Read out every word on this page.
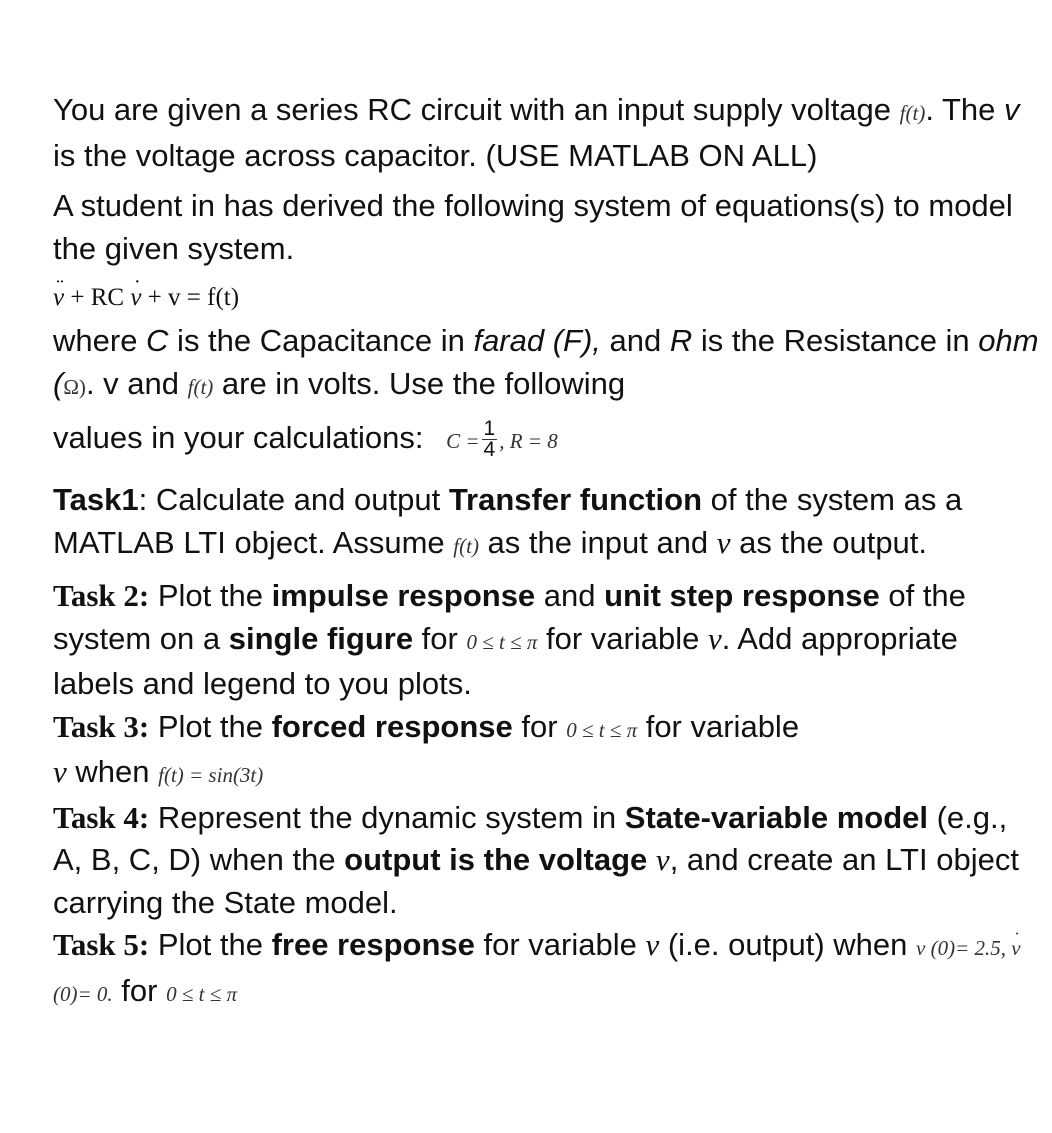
You are given a series RC circuit with an input supply voltage f(t). The v is the voltage across capacitor. (USE MATLAB ON ALL)

A student in has derived the following system of equations(s) to model the given system.

¨ v + RC ˙ v + v = f(t)

where C is the Capacitance in farad (F), and R is the Resistance in ohm (Ω). v and f(t) are in volts. Use the following

values in your calculations: $C = \frac{1}{4}$ , R = 8

Task1: Calculate and output Transfer function of the system as a MATLAB LTI object. Assume f(t) as the input and v as the output.

Task 2: Plot the impulse response and unit step response of the system on a single figure for 0 ≤ t ≤ π for variable v. Add appropriate labels and legend to you plots.

Task 3: Plot the forced response for 0 ≤ t ≤ π for variable
v when f(t) = sin(3t)

Task 4: Represent the dynamic system in State-variable model (e.g., A, B, C, D) when the output is the voltage v, and create an LTI object carrying the State model.

Task 5: Plot the free response for variable v (i.e. output) when v (0)= 2.5, ˙ v (0)= 0. for 0 ≤ t ≤ π
